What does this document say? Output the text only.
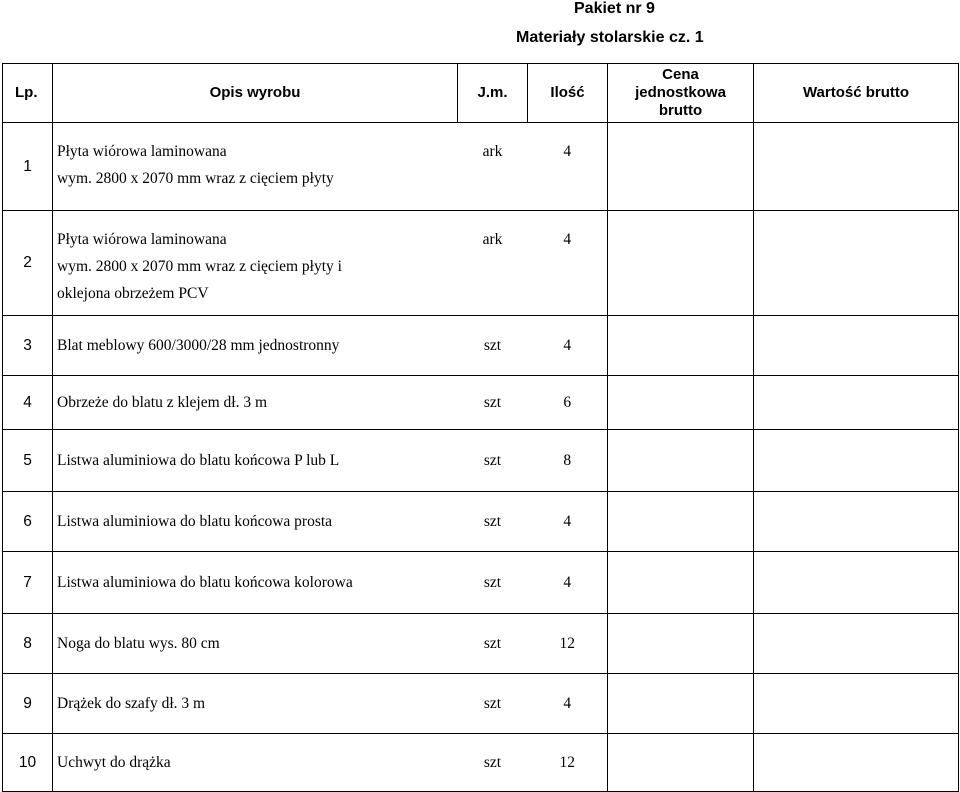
Pakiet nr 9
Materiały stolarskie cz. 1
Lp.	Opis wyrobu	J.m.	Ilość	Cena
jednostkowa
brutto	Wartość brutto
1	Płyta wiórowa laminowana
wym. 2800 x 2070 mm wraz z cięciem płyty	ark	4		
2	Płyta wiórowa laminowana
wym. 2800 x 2070 mm wraz z cięciem płyty i
oklejona obrzeżem PCV	ark	4		
3	Blat meblowy 600/3000/28 mm jednostronny	szt	4		
4	Obrzeże do blatu z klejem dł. 3 m	szt	6		
5	Listwa aluminiowa do blatu końcowa P lub L	szt	8		
6	Listwa aluminiowa do blatu końcowa prosta	szt	4		
7	Listwa aluminiowa do blatu końcowa kolorowa	szt	4		
8	Noga do blatu wys. 80 cm	szt	12		
9	Drążek do szafy dł. 3 m	szt	4		
10	Uchwyt do drążka	szt	12		
